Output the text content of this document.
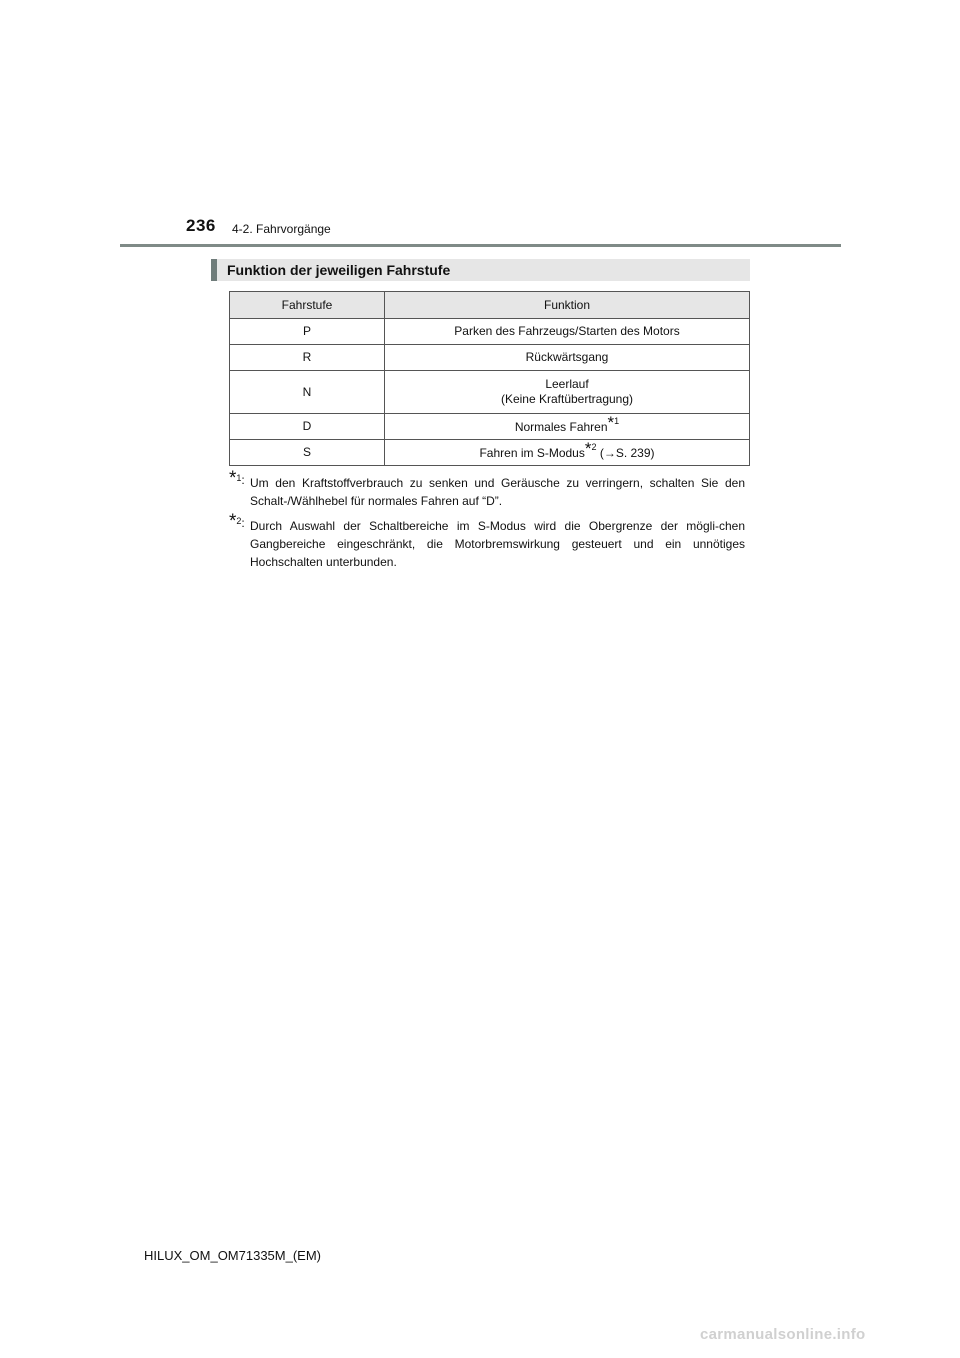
236 4-2. Fahrvorgänge
Funktion der jeweiligen Fahrstufe
Fahrstufe	Funktion
P	Parken des Fahrzeugs/Starten des Motors
R	Rückwärtsgang
N	Leerlauf
(Keine Kraftübertragung)
D	Normales Fahren*$^1$
S	Fahren im S-Modus*$^2$ (→S. 239)
*$^1$: Um den Kraftstoffverbrauch zu senken und Geräusche zu verringern, schalten Sie den Schalt-/Wählhebel für normales Fahren auf “D”.
*$^2$: Durch Auswahl der Schaltbereiche im S-Modus wird die Obergrenze der mögli-chen Gangbereiche eingeschränkt, die Motorbremswirkung gesteuert und ein unnötiges Hochschalten unterbunden.
HILUX_OM_OM71335M_(EM)
carmanualsonline.info
